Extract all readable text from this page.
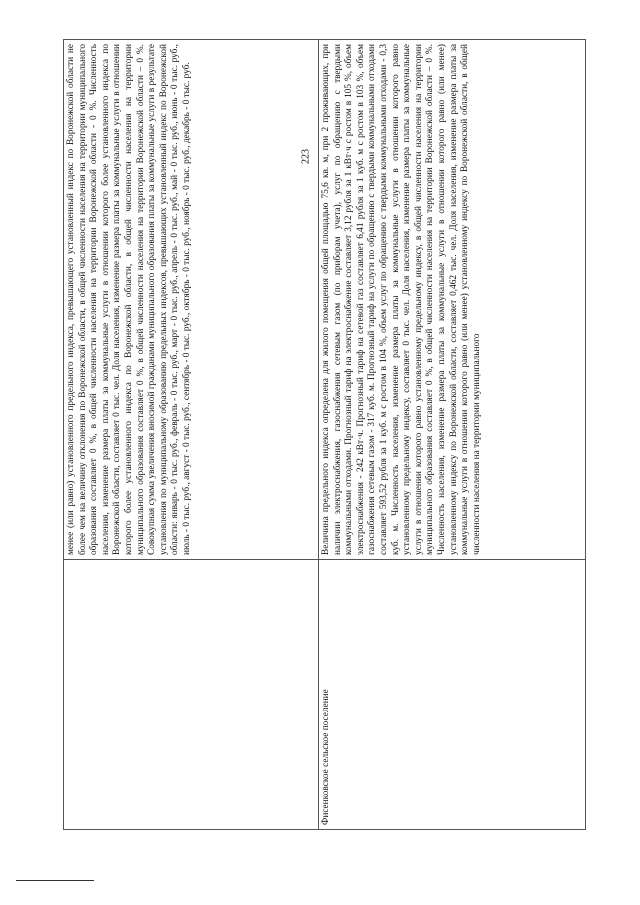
223

	менее (или равно) установленного предельного индекса, превышающего установленный индекс по Воронежской области не более чем на величину отклонения по Воронежской области, в общей численности населения на территории муниципального образования составляет 0 %, в общей численности населения на территории Воронежской области - 0 %. Численность населения, изменение размера платы за коммунальные услуги в отношении которого более установленного индекса по Воронежской области, составляет 0 тыс. чел. Доля населения, изменение размера платы за коммунальные услуги в отношении которого более установленного индекса по Воронежской области, в общей численности населения на территории муниципального образования составляет 0 %, в общей численности населения на территории Воронежской области – 0 %. Совокупная сумма увеличения вносимой гражданами муниципального образования платы за коммунальные услуги в результате установления по муниципальному образованию предельных индексов, превышающих установленный индекс по Воронежской области: январь - 0 тыс. руб., февраль - 0 тыс. руб., март - 0 тыс. руб., апрель - 0 тыс. руб., май - 0 тыс. руб., июнь - 0 тыс. руб., июль - 0 тыс. руб., август - 0 тыс. руб., сентябрь - 0 тыс. руб., октябрь - 0 тыс. руб., ноябрь - 0 тыс. руб., декабрь - 0 тыс. руб.

Фисенковское сельское поселение	Величина предельного индекса определена для жилого помещения общей площадью 75,6 кв. м, при 2 проживающих, при наличии электроснабжения, газоснабжения сетевым газом (по приборам учета), услуг по обращению с твердыми коммунальными отходами. Прогнозный тариф на электроснабжение составляет 3,12 рубля за 1 кВт·ч с ростом в 105 %, объем электроснабжения - 242 кВт·ч. Прогнозный тариф на сетевой газ составляет 6,41 рубля за 1 куб. м с ростом в 103 %, объем газоснабжения сетевым газом - 317 куб. м. Прогнозный тариф на услуги по обращению с твердыми коммунальными отходами составляет 593,52 рубля за 1 куб. м с ростом в 104 %, объем услуг по обращению с твердыми коммунальными отходами - 0,3 куб. м. Численность населения, изменение размера платы за коммунальные услуги в отношении которого равно установленному предельному индексу, составляет 0 тыс. чел. Доля населения, изменение размера платы за коммунальные услуги в отношении которого равно установленному предельному индексу, в общей численности населения на территории муниципального образования составляет 0 %, в общей численности населения на территории Воронежской области – 0 %. Численность населения, изменение размера платы за коммунальные услуги в отношении которого равно (или менее) установленному индексу по Воронежской области, составляет 0,462 тыс. чел. Доля населения, изменение размера платы за коммунальные услуги в отношении которого равно (или менее) установленному индексу по Воронежской области, в общей численности населения на территории муниципального
